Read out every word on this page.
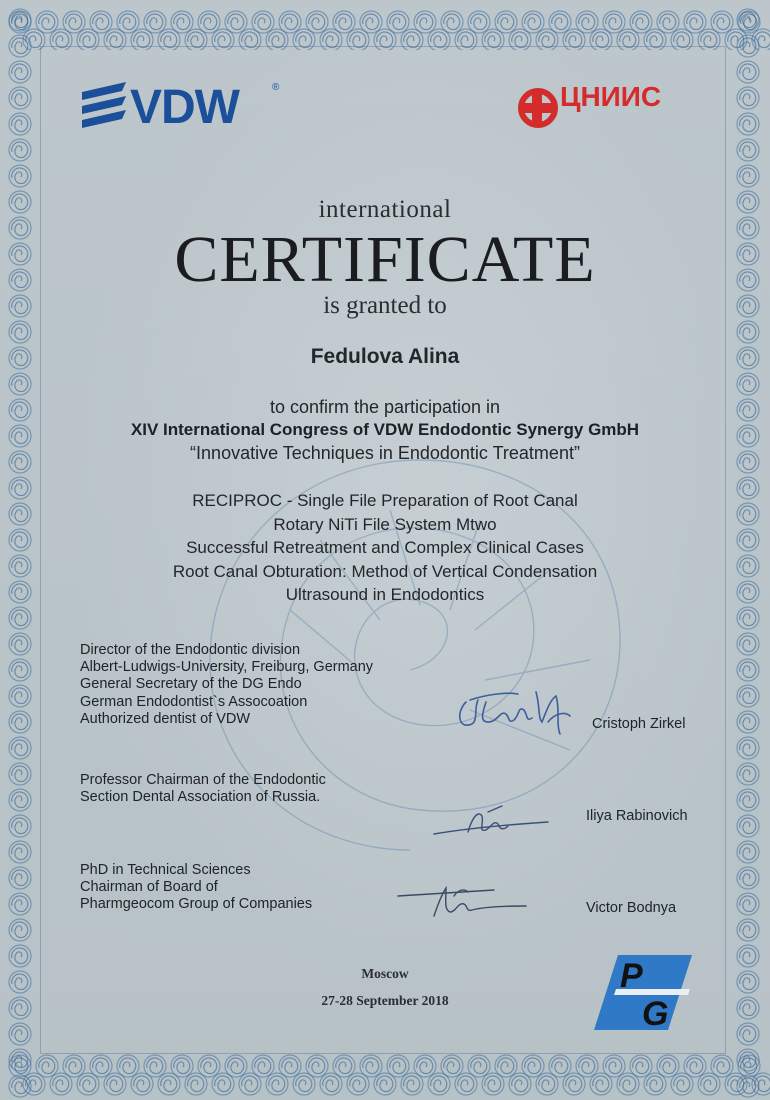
VDW	®	ЦНИИС
international
CERTIFICATE
is granted to
Fedulova Alina
to confirm the participation in
XIV International Congress of VDW Endodontic Synergy GmbH
“Innovative Techniques in Endodontic Treatment”
RECIPROC - Single File Preparation of Root Canal
Rotary NiTi File System Mtwo
Successful Retreatment and Complex Clinical Cases
Root Canal Obturation: Method of Vertical Condensation
Ultrasound in Endodontics
Director of the Endodontic division
Albert-Ludwigs-University, Freiburg, Germany
General Secretary of the DG Endo
German Endodontist`s Assocoation
Authorized dentist of VDW	Cristoph Zirkel
Professor Chairman of the Endodontic
Section Dental Association of Russia.
Iliya Rabinovich
PhD in Technical Sciences
Chairman of Board of
Pharmgeocom Group of Companies	Victor Bodnya
Moscow
27-28 September 2018
P
G
